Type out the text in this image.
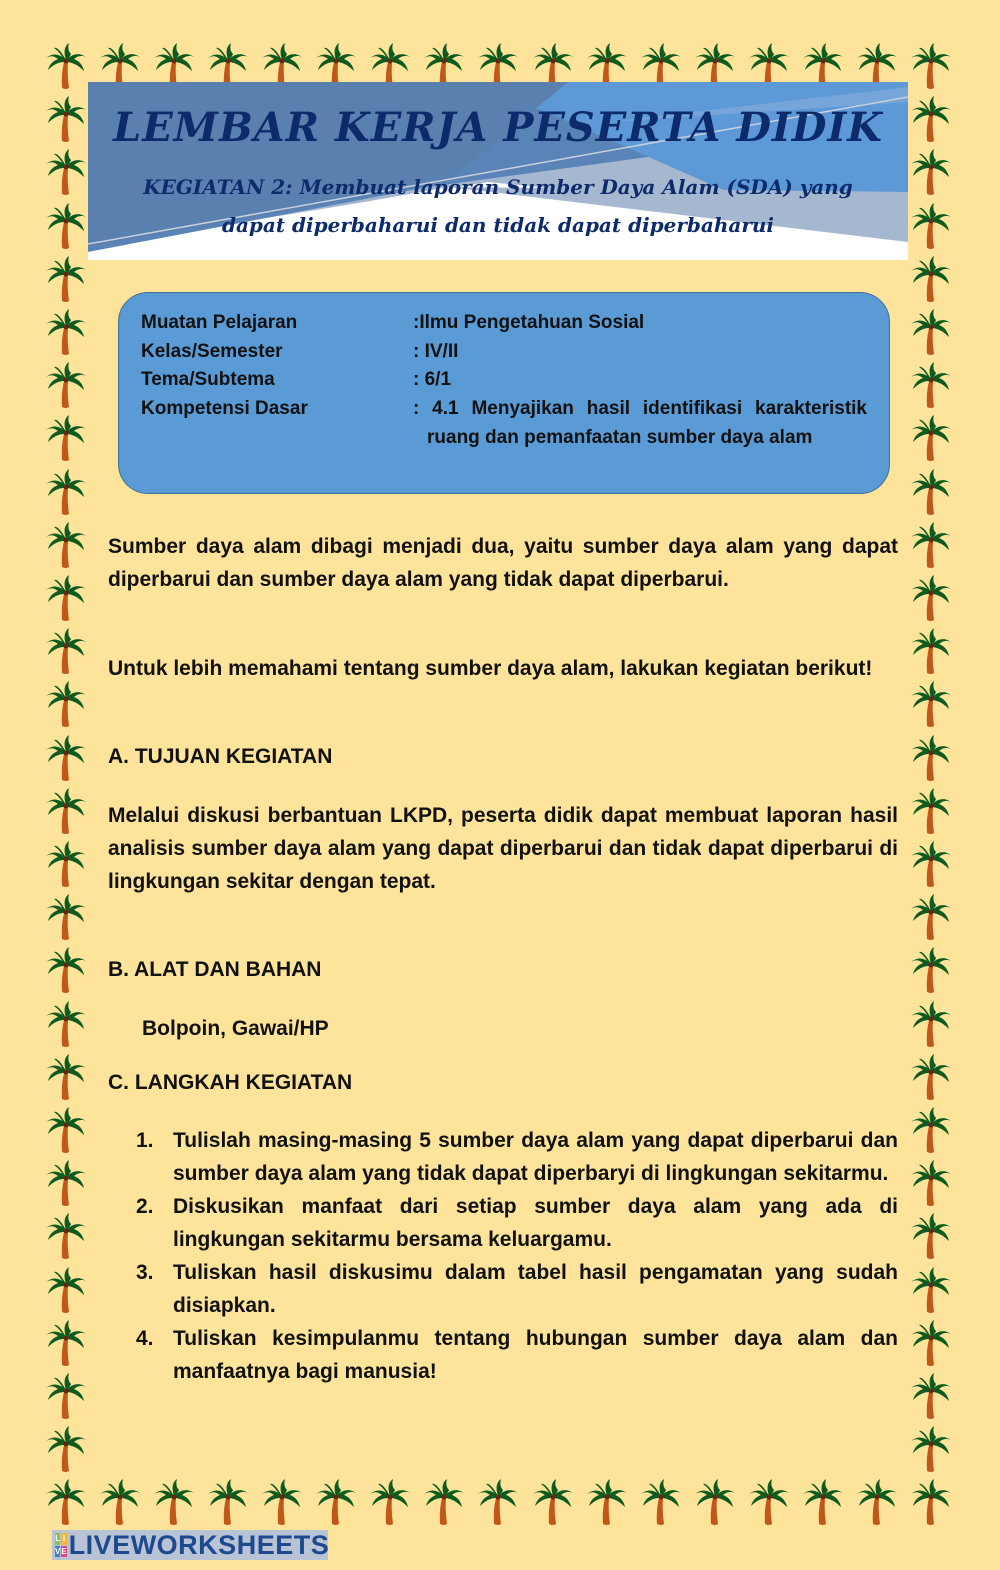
LEMBAR KERJA PESERTA DIDIK
KEGIATAN 2: Membuat laporan Sumber Daya Alam (SDA) yang
dapat diperbaharui dan tidak dapat diperbaharui
Muatan Pelajaran	:Ilmu Pengetahuan Sosial
Kelas/Semester	: IV/II
Tema/Subtema	: 6/1
Kompetensi Dasar	: 4.1 Menyajikan hasil identifikasi karakteristik ruang dan pemanfaatan sumber daya alam

Sumber daya alam dibagi menjadi dua, yaitu sumber daya alam yang dapat diperbarui dan sumber daya alam yang tidak dapat diperbarui.

Untuk lebih memahami tentang sumber daya alam, lakukan kegiatan berikut!

A. TUJUAN KEGIATAN

Melalui diskusi berbantuan LKPD, peserta didik dapat membuat laporan hasil analisis sumber daya alam yang dapat diperbarui dan tidak dapat diperbarui di lingkungan sekitar dengan tepat.

B. ALAT DAN BAHAN

Bolpoin, Gawai/HP

C. LANGKAH KEGIATAN
1. Tulislah masing-masing 5 sumber daya alam yang dapat diperbarui dan sumber daya alam yang tidak dapat diperbaryi di lingkungan sekitarmu.
2. Diskusikan manfaat dari setiap sumber daya alam yang ada di lingkungan sekitarmu bersama keluargamu.
3. Tuliskan hasil diskusimu dalam tabel hasil pengamatan yang sudah disiapkan.
4. Tuliskan kesimpulanmu tentang hubungan sumber daya alam dan manfaatnya bagi manusia!
L I
V E LIVEWORKSHEETS
